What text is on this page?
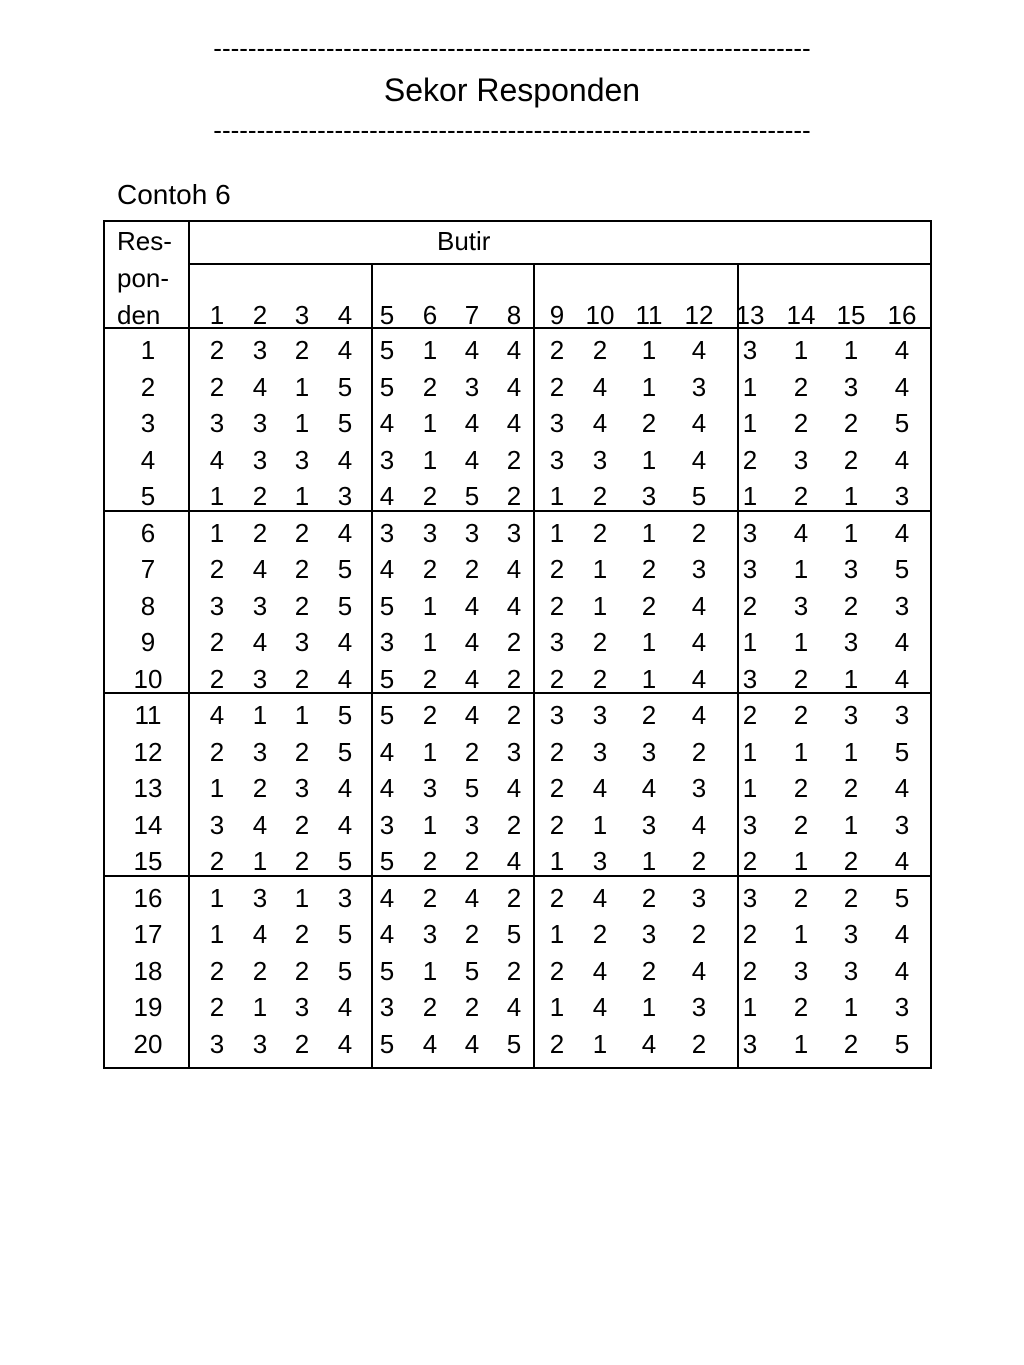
---------------------------------------------------------------------
Sekor Responden
---------------------------------------------------------------------
Contoh 6
Res-
pon-
den
Butir
1 2 3 4 5 6 7 8 9 10 11 12 13 14 15 16
1 2 3 2 4 5 1 4 4 2 2 1 4 3 1 1 4
2 2 4 1 5 5 2 3 4 2 4 1 3 1 2 3 4
3 3 3 1 5 4 1 4 4 3 4 2 4 1 2 2 5
4 4 3 3 4 3 1 4 2 3 3 1 4 2 3 2 4
5 1 2 1 3 4 2 5 2 1 2 3 5 1 2 1 3
6 1 2 2 4 3 3 3 3 1 2 1 2 3 4 1 4
7 2 4 2 5 4 2 2 4 2 1 2 3 3 1 3 5
8 3 3 2 5 5 1 4 4 2 1 2 4 2 3 2 3
9 2 4 3 4 3 1 4 2 3 2 1 4 1 1 3 4
10 2 3 2 4 5 2 4 2 2 2 1 4 3 2 1 4
11 4 1 1 5 5 2 4 2 3 3 2 4 2 2 3 3
12 2 3 2 5 4 1 2 3 2 3 3 2 1 1 1 5
13 1 2 3 4 4 3 5 4 2 4 4 3 1 2 2 4
14 3 4 2 4 3 1 3 2 2 1 3 4 3 2 1 3
15 2 1 2 5 5 2 2 4 1 3 1 2 2 1 2 4
16 1 3 1 3 4 2 4 2 2 4 2 3 3 2 2 5
17 1 4 2 5 4 3 2 5 1 2 3 2 2 1 3 4
18 2 2 2 5 5 1 5 2 2 4 2 4 2 3 3 4
19 2 1 3 4 3 2 2 4 1 4 1 3 1 2 1 3
20 3 3 2 4 5 4 4 5 2 1 4 2 3 1 2 5
